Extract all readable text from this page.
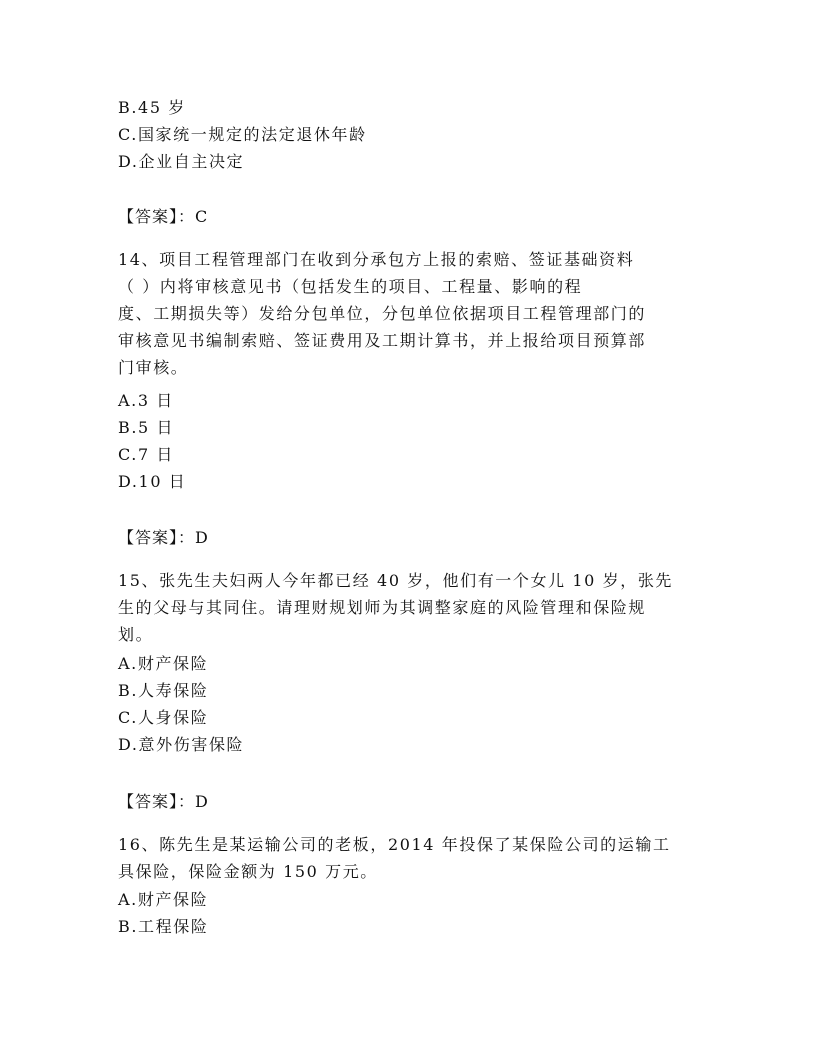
B.45 岁
C.国家统一规定的法定退休年龄
D.企业自主决定
【答案】：C
14、项目工程管理部门在收到分承包方上报的索赔、签证基础资料
（ ）内将审核意见书（包括发生的项目、工程量、影响的程
度、工期损失等）发给分包单位，分包单位依据项目工程管理部门的
审核意见书编制索赔、签证费用及工期计算书，并上报给项目预算部
门审核。
A.3 日
B.5 日
C.7 日
D.10 日
【答案】：D
15、张先生夫妇两人今年都已经 40 岁，他们有一个女儿 10 岁，张先
生的父母与其同住。请理财规划师为其调整家庭的风险管理和保险规
划。
A.财产保险
B.人寿保险
C.人身保险
D.意外伤害保险
【答案】：D
16、陈先生是某运输公司的老板，2014 年投保了某保险公司的运输工
具保险，保险金额为 150 万元。
A.财产保险
B.工程保险
